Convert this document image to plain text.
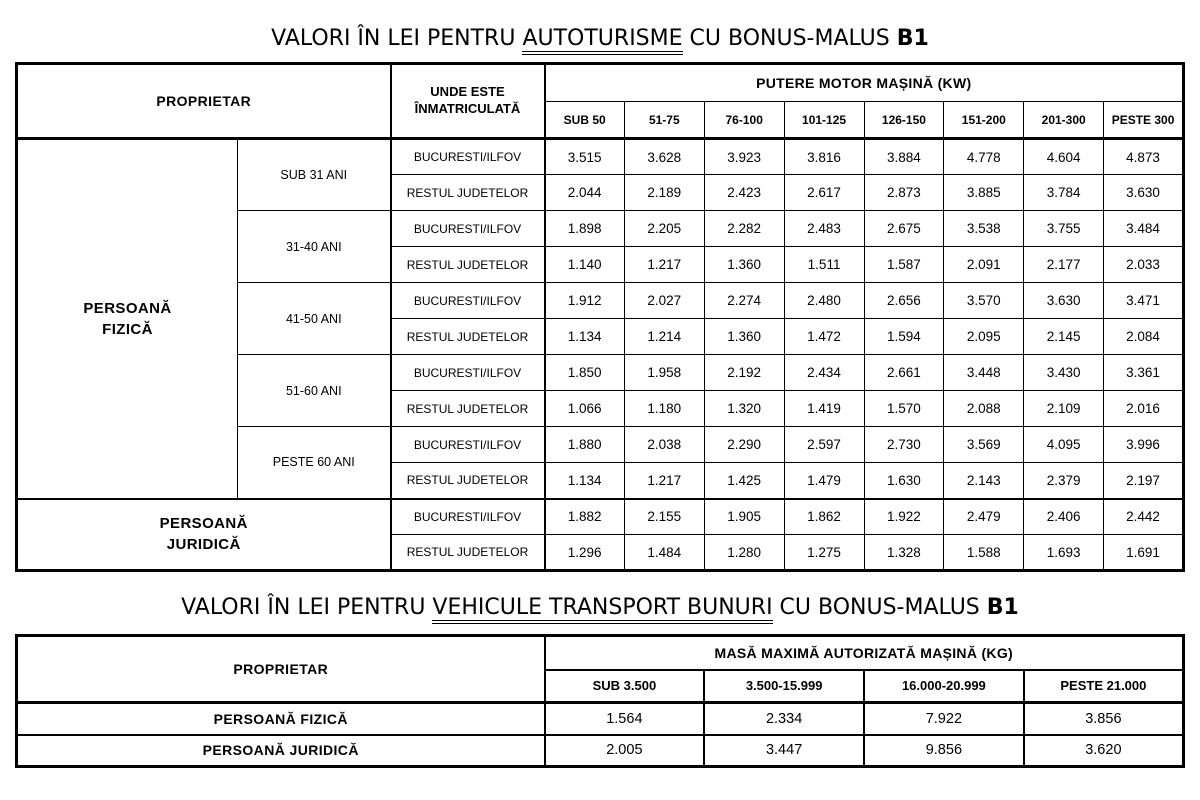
VALORI ÎN LEI PENTRU AUTOTURISME CU BONUS-MALUS B1
PROPRIETAR		UNDE ESTE
ÎNMATRICULATĂ	PUTERE MOTOR MAȘINĂ (KW)							
			SUB 50	51-75	76-100	101-125	126-150	151-200	201-300	PESTE 300

PERSOANĂ
FIZICĂ	SUB 31 ANI	BUCURESTI/ILFOV	3.515	3.628	3.923	3.816	3.884	4.778	4.604	4.873
		RESTUL JUDETELOR	2.044	2.189	2.423	2.617	2.873	3.885	3.784	3.630
	31-40 ANI	BUCURESTI/ILFOV	1.898	2.205	2.282	2.483	2.675	3.538	3.755	3.484
		RESTUL JUDETELOR	1.140	1.217	1.360	1.511	1.587	2.091	2.177	2.033
	41-50 ANI	BUCURESTI/ILFOV	1.912	2.027	2.274	2.480	2.656	3.570	3.630	3.471
		RESTUL JUDETELOR	1.134	1.214	1.360	1.472	1.594	2.095	2.145	2.084
	51-60 ANI	BUCURESTI/ILFOV	1.850	1.958	2.192	2.434	2.661	3.448	3.430	3.361
		RESTUL JUDETELOR	1.066	1.180	1.320	1.419	1.570	2.088	2.109	2.016
	PESTE 60 ANI	BUCURESTI/ILFOV	1.880	2.038	2.290	2.597	2.730	3.569	4.095	3.996
		RESTUL JUDETELOR	1.134	1.217	1.425	1.479	1.630	2.143	2.379	2.197

PERSOANĂ
JURIDICĂ		BUCURESTI/ILFOV	1.882	2.155	1.905	1.862	1.922	2.479	2.406	2.442
		RESTUL JUDETELOR	1.296	1.484	1.280	1.275	1.328	1.588	1.693	1.691
VALORI ÎN LEI PENTRU VEHICULE TRANSPORT BUNURI CU BONUS-MALUS B1
PROPRIETAR	MASĂ MAXIMĂ AUTORIZATĂ MAȘINĂ (KG)			
	SUB 3.500	3.500-15.999	16.000-20.999	PESTE 21.000
PERSOANĂ FIZICĂ	1.564	2.334	7.922	3.856
PERSOANĂ JURIDICĂ	2.005	3.447	9.856	3.620
